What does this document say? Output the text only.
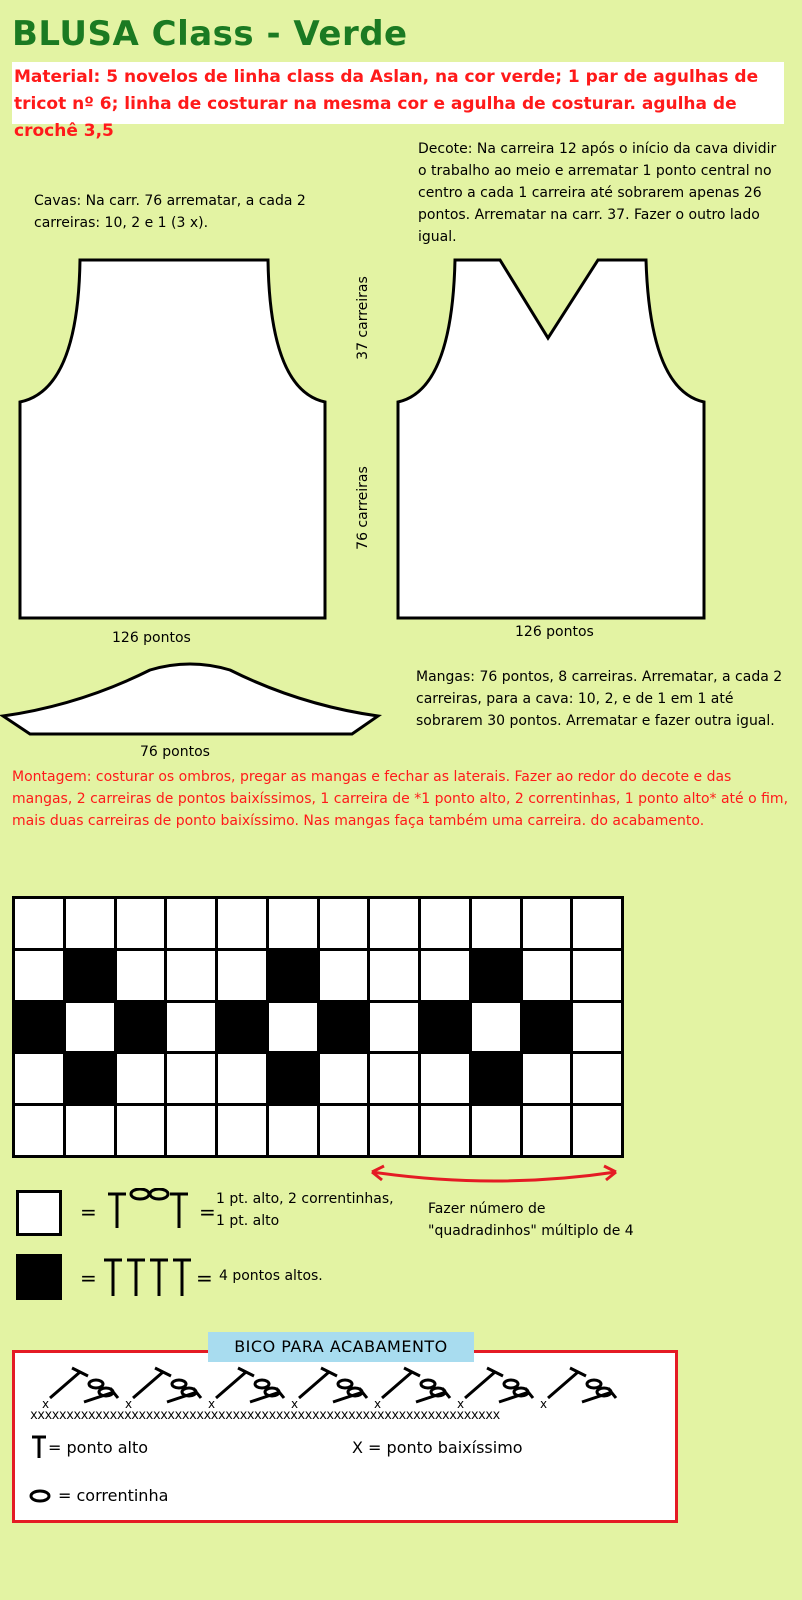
BLUSA Class - Verde
Material: 5 novelos de linha class da Aslan, na cor verde; 1 par de agulhas de tricot nº 6; linha de costurar na mesma cor e agulha de costurar. agulha de crochê 3,5
Cavas: Na carr. 76 arrematar, a cada 2 carreiras: 10, 2 e 1 (3 x).
Decote: Na carreira 12 após o início da cava dividir o trabalho ao meio e arrematar 1 ponto central no centro a cada 1 carreira até sobrarem apenas 26 pontos. Arrematar na carr. 37. Fazer o outro lado igual.
126 pontos	126 pontos
76 pontos
37 carreiras
76 carreiras
Mangas: 76 pontos, 8 carreiras. Arrematar, a cada 2 carreiras, para a cava: 10, 2, e de 1 em 1 até sobrarem 30 pontos. Arrematar e fazer outra igual.
Montagem: costurar os ombros, pregar as mangas e fechar as laterais. Fazer ao redor do decote e das mangas, 2 carreiras de pontos baixíssimos, 1 carreira de *1 ponto alto, 2 correntinhas, 1 ponto alto* até o fim, mais duas carreiras de ponto baixíssimo. Nas mangas faça também uma carreira. do acabamento.
=	=
1 pt. alto, 2 correntinhas,
1 pt. alto
=	= 4 pontos altos.
Fazer número de "quadradinhos" múltiplo de 4
BICO PARA ACABAMENTO
x	x	x	x	x	x	x
xxxxxxxxxxxxxxxxxxxxxxxxxxxxxxxxxxxxxxxxxxxxxxxxxxxxxxxxxxxxxxxxx
= ponto alto	X = ponto baixíssimo
= correntinha
